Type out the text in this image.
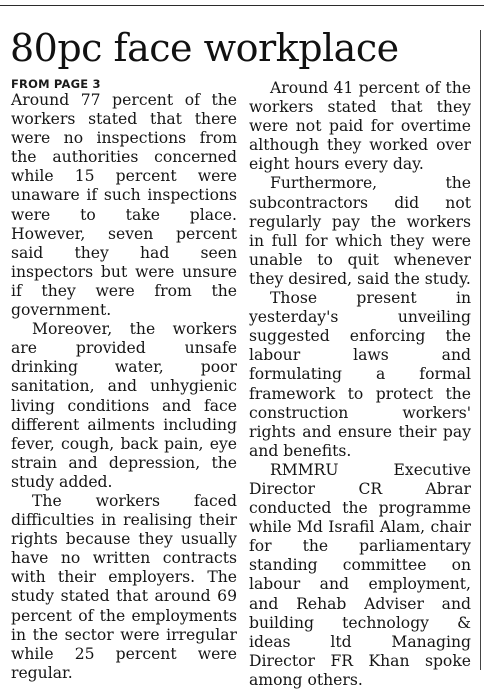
80pc face workplace
FROM PAGE 3

Around 77 percent of the workers stated that there were no inspections from the authorities concerned while 15 percent were unaware if such inspections were to take place. However, seven percent said they had seen inspectors but were unsure if they were from the government.

Moreover, the workers are provided unsafe drinking water, poor sanitation, and unhygienic living conditions and face different ailments including fever, cough, back pain, eye strain and depression, the study added.

The workers faced difficulties in realising their rights because they usually have no written contracts with their employers. The study stated that around 69 percent of the employments in the sector were irregular while 25 percent were regular.

Around 41 percent of the workers stated that they were not paid for overtime although they worked over eight hours every day.

Furthermore, the subcontractors did not regularly pay the workers in full for which they were unable to quit whenever they desired, said the study.

Those present in yesterday's unveiling suggested enforcing the labour laws and formulating a formal framework to protect the construction workers' rights and ensure their pay and benefits.

RMMRU Executive Director CR Abrar conducted the programme while Md Israfil Alam, chair for the parliamentary standing committee on labour and employment, and Rehab Adviser and building technology & ideas ltd Managing Director FR Khan spoke among others.
